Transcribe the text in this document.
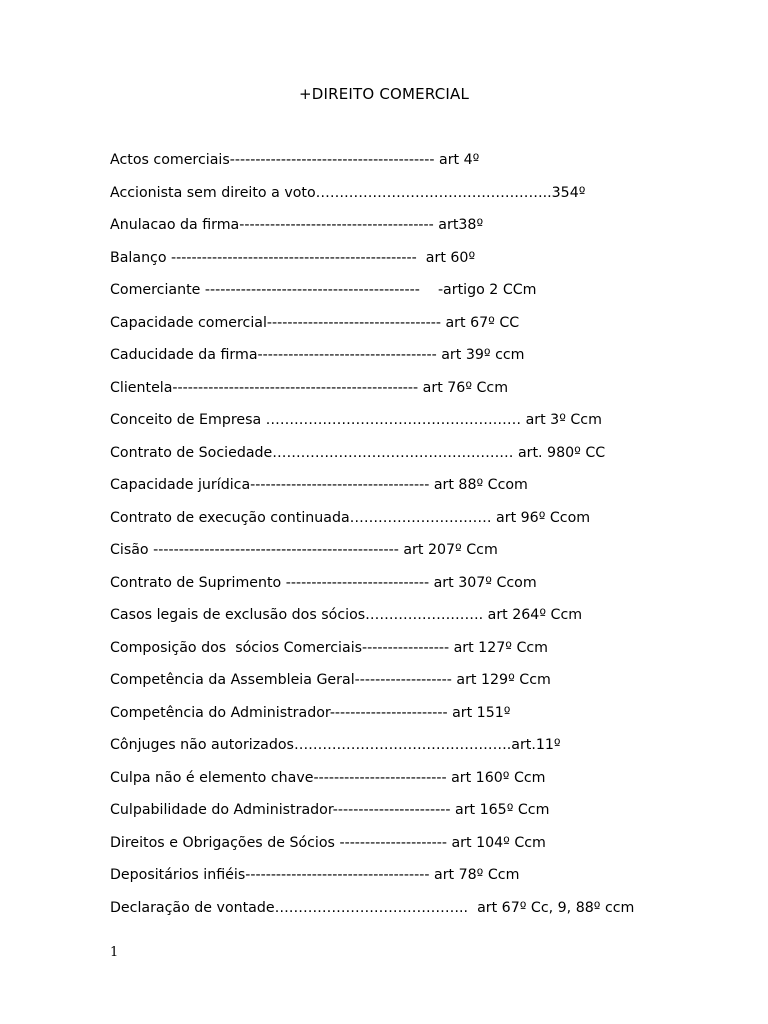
+DIREITO COMERCIAL
Actos comerciais---------------------------------------- art 4º
Accionista sem direito a voto…………………………………………..354º
Anulacao da firma-------------------------------------- art38º
Balanço ------------------------------------------------  art 60º
Comerciante ------------------------------------------    -artigo 2 CCm
Capacidade comercial---------------------------------- art 67º CC
Caducidade da firma----------------------------------- art 39º ccm
Clientela------------------------------------------------ art 76º Ccm
Conceito de Empresa ……………………………………………… art 3º Ccm
Contrato de Sociedade…………………………………………… art. 980º CC
Capacidade jurídica----------------------------------- art 88º Ccom
Contrato de execução continuada………………………… art 96º Ccom
Cisão ------------------------------------------------ art 207º Ccm
Contrato de Suprimento ---------------------------- art 307º Ccom
Casos legais de exclusão dos sócios……………………. art 264º Ccm
Composição dos  sócios Comerciais----------------- art 127º Ccm
Competência da Assembleia Geral------------------- art 129º Ccm
Competência do Administrador----------------------- art 151º
Cônjuges não autorizados……………………………………….art.11º
Culpa não é elemento chave-------------------------- art 160º Ccm
Culpabilidade do Administrador----------------------- art 165º Ccm
Direitos e Obrigações de Sócios --------------------- art 104º Ccm
Depositários infiéis------------------------------------ art 78º Ccm
Declaração de vontade…………………………………..  art 67º Cc, 9, 88º ccm
1
